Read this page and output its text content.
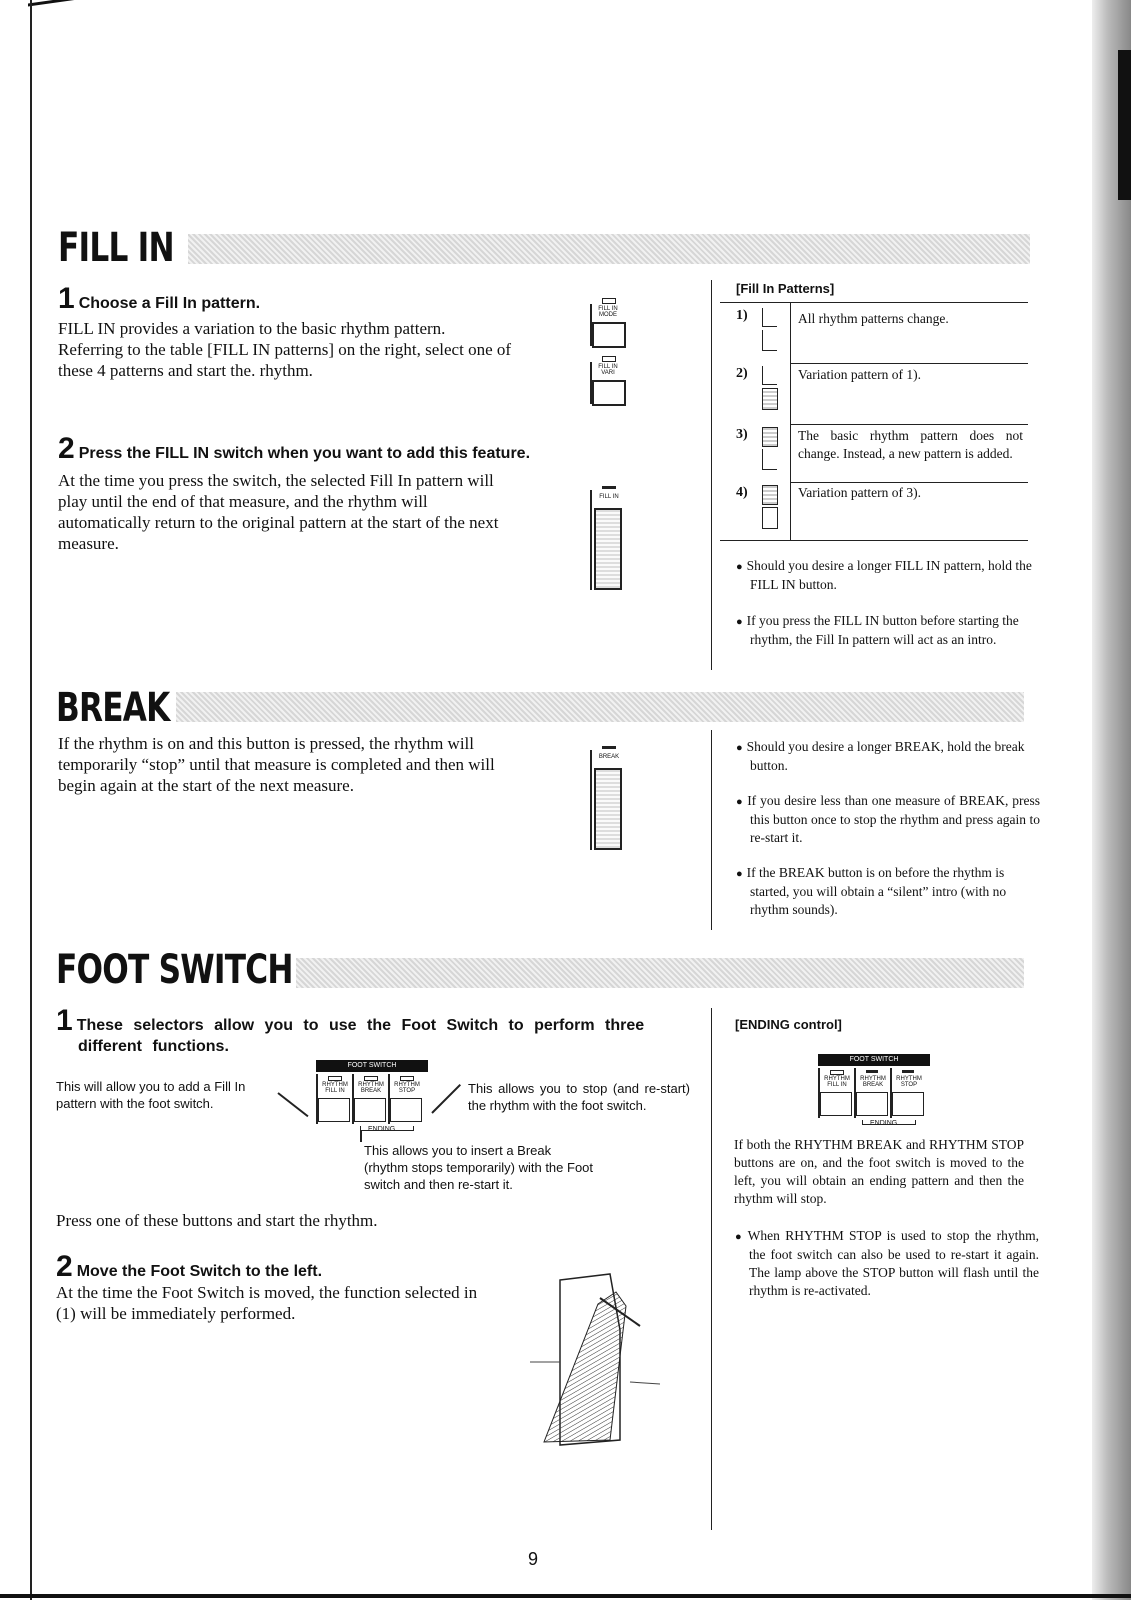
FILL IN
1 Choose a Fill In pattern.
FILL IN provides a variation to the basic rhythm pattern. Referring to the table [FILL IN patterns] on the right, select one of these 4 patterns and start the. rhythm.
FILL IN MODE
FILL IN VARI
2 Press the FILL IN switch when you want to add this feature.
At the time you press the switch, the selected Fill In pattern will play until the end of that measure, and the rhythm will automatically return to the original pattern at the start of the next measure.
FILL IN
[Fill In Patterns]
1)	All rhythm patterns change.
2)	Variation pattern of 1).
3)	The basic rhythm pattern does not change. Instead, a new pattern is added.
4)	Variation pattern of 3).
● Should you desire a longer FILL IN pattern, hold the FILL IN button.
● If you press the FILL IN button before starting the rhythm, the Fill In pattern will act as an intro.
BREAK
If the rhythm is on and this button is pressed, the rhythm will temporarily “stop” until that measure is completed and then will begin again at the start of the next measure.
BREAK
● Should you desire a longer BREAK, hold the break button.
● If you desire less than one measure of BREAK, press this button once to stop the rhythm and press again to re-start it.
● If the BREAK button is on before the rhythm is started, you will obtain a “silent” intro (with no rhythm sounds).
FOOT SWITCH
1 These selectors allow you to use the Foot Switch to perform three different functions.
This will allow you to add a Fill In pattern with the foot switch.
FOOT SWITCH
RHYTHM FILL IN
RHYTHM BREAK
RHYTHM STOP
ENDING
This allows you to stop (and re-start) the rhythm with the foot switch.
This allows you to insert a Break (rhythm stops temporarily) with the Foot switch and then re-start it.
Press one of these buttons and start the rhythm.
2 Move the Foot Switch to the left.
At the time the Foot Switch is moved, the function selected in (1) will be immediately performed.
[ENDING control]
FOOT SWITCH
RHYTHM FILL IN
RHYTHM BREAK
RHYTHM STOP
ENDING
If both the RHYTHM BREAK and RHYTHM STOP buttons are on, and the foot switch is moved to the left, you will obtain an ending pattern and then the rhythm will stop.
● When RHYTHM STOP is used to stop the rhythm, the foot switch can also be used to re-start it again. The lamp above the STOP button will flash until the rhythm is re-activated.
9
